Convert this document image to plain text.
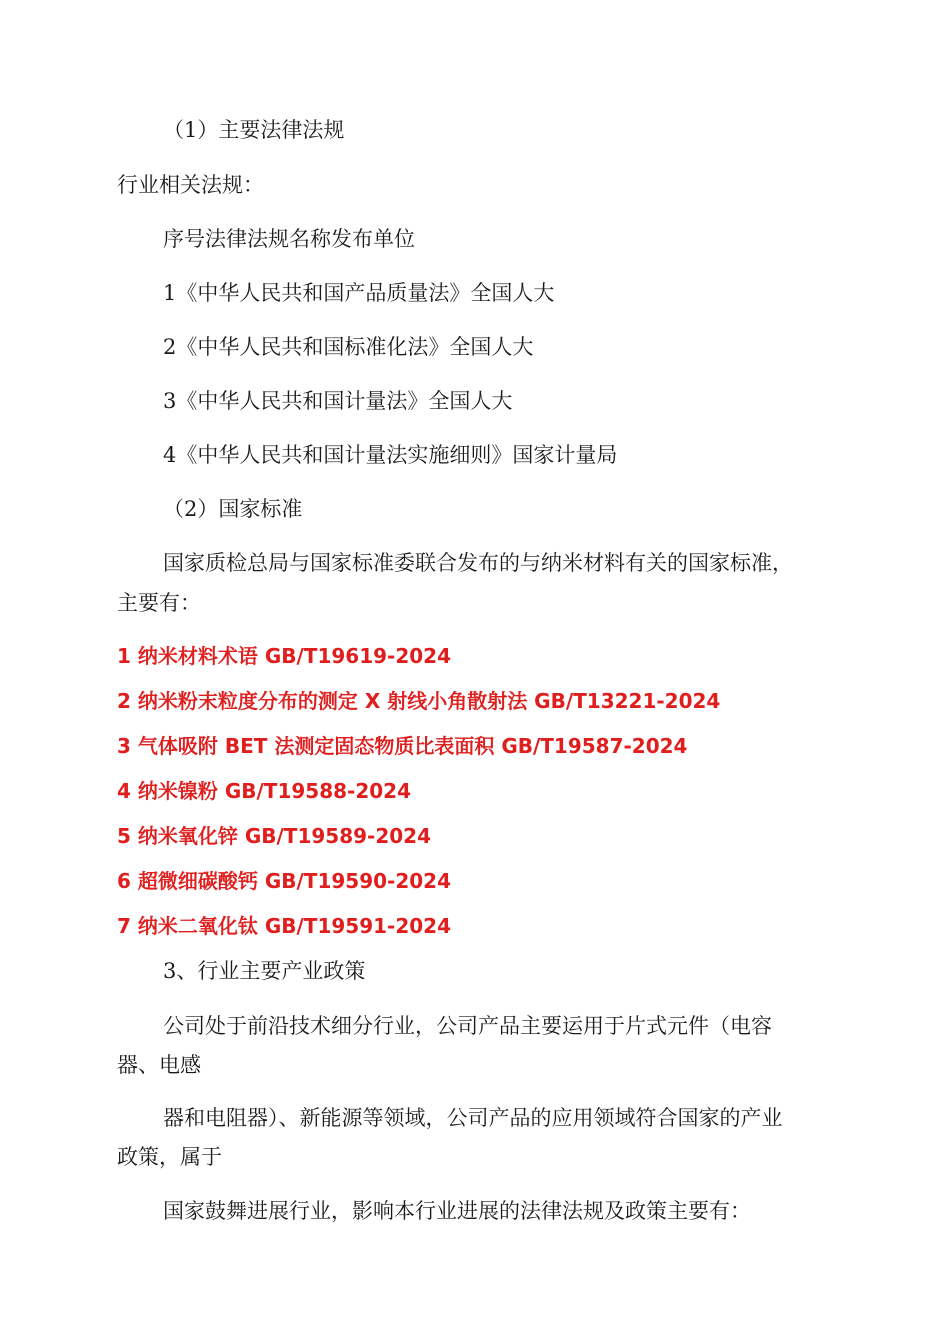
（1）主要法律法规
行业相关法规：
序号法律法规名称发布单位
1《中华人民共和国产品质量法》全国人大
2《中华人民共和国标准化法》全国人大
3《中华人民共和国计量法》全国人大
4《中华人民共和国计量法实施细则》国家计量局
（2）国家标准
国家质检总局与国家标准委联合发布的与纳米材料有关的国家标准，
主要有：
1 纳米材料术语 GB/T19619-2024
2 纳米粉末粒度分布的测定 X 射线小角散射法 GB/T13221-2024
3 气体吸附 BET 法测定固态物质比表面积 GB/T19587-2024
4 纳米镍粉 GB/T19588-2024
5 纳米氧化锌 GB/T19589-2024
6 超微细碳酸钙 GB/T19590-2024
7 纳米二氧化钛 GB/T19591-2024
3、行业主要产业政策
公司处于前沿技术细分行业，公司产品主要运用于片式元件（电容
器、电感
器和电阻器）、新能源等领域，公司产品的应用领域符合国家的产业
政策，属于
国家鼓舞进展行业，影响本行业进展的法律法规及政策主要有：
